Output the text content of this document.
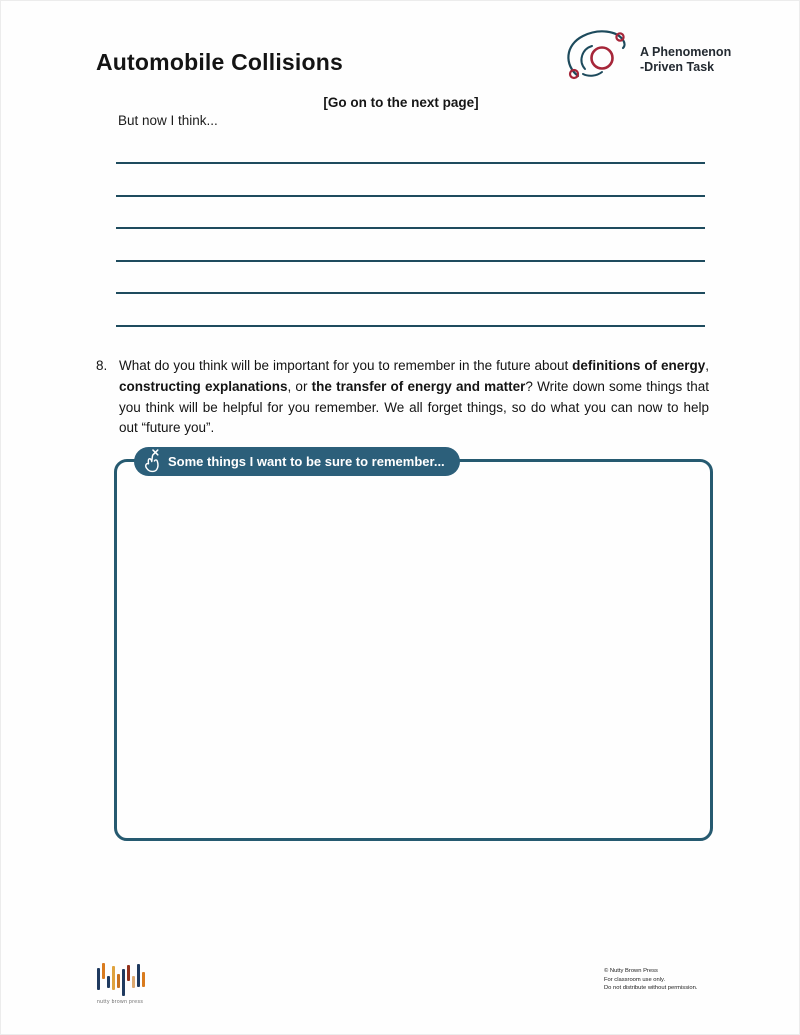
Automobile Collisions	A Phenomenon
-Driven Task
[Go on to the next page]
But now I think...
8. What do you think will be important for you to remember in the future about definitions of energy, constructing explanations, or the transfer of energy and matter? Write down some things that you think will be helpful for you remember. We all forget things, so do what you can now to help out “future you”.
Some things I want to be sure to remember...
nutty brown press
© Nutty Brown Press
For classroom use only.
Do not distribute without permission.
